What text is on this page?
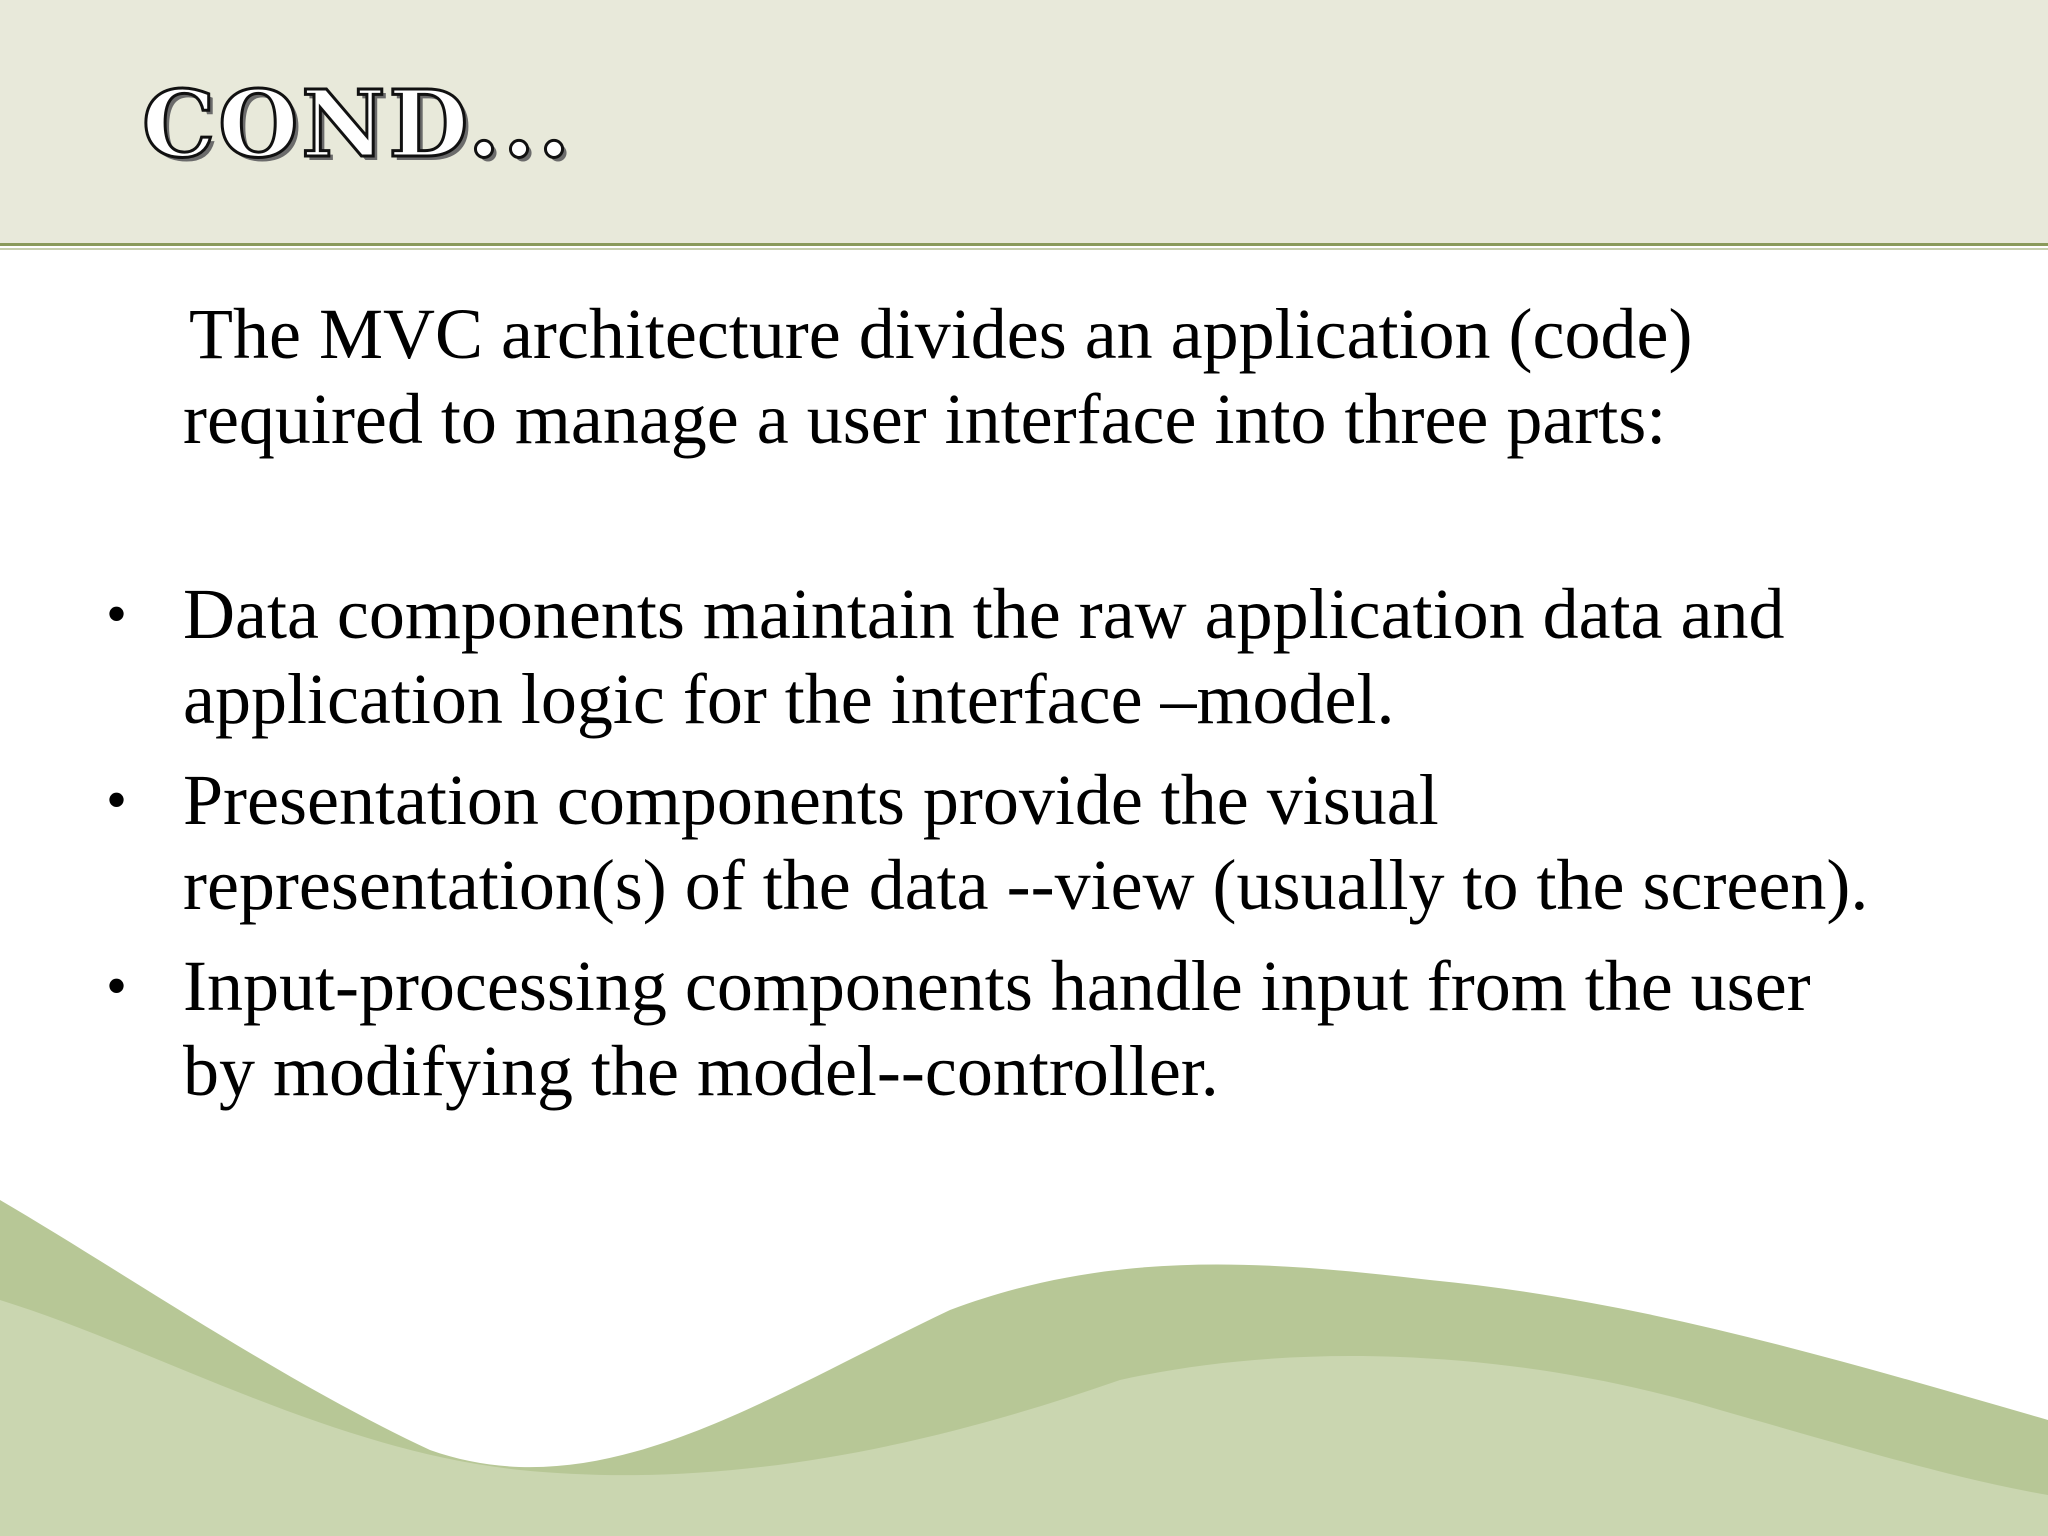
COND...

The MVC architecture divides an application (code) required to manage a user interface into three parts:

• Data components maintain the raw application data and application logic for the interface –model.
• Presentation components provide the visual representation(s) of the data --view (usually to the screen).
• Input-processing components handle input from the user by modifying the model--controller.
